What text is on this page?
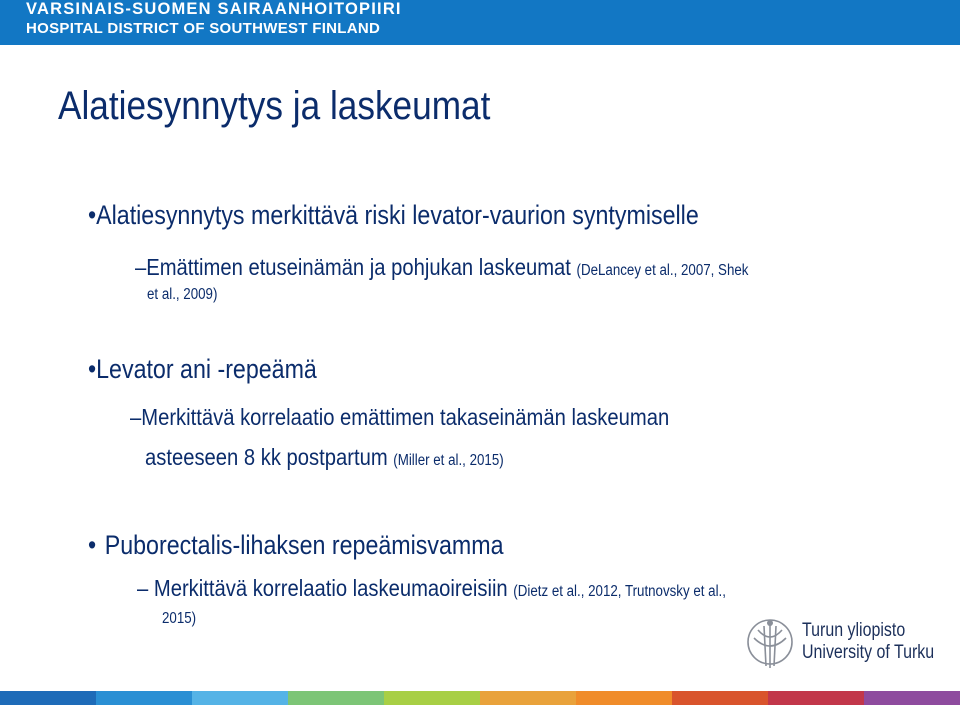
VARSINAIS-SUOMEN SAIRAANHOITOPIIRI
HOSPITAL DISTRICT OF SOUTHWEST FINLAND
Alatiesynnytys ja laskeumat
•Alatiesynnytys merkittävä riski levator-vaurion syntymiselle
–Emättimen etuseinämän ja pohjukan laskeumat (DeLancey et al., 2007, Shek
et al., 2009)
•Levator ani -repeämä
–Merkittävä korrelaatio emättimen takaseinämän laskeuman
asteeseen 8 kk postpartum (Miller et al., 2015)
• Puborectalis-lihaksen repeämisvamma
– Merkittävä korrelaatio laskeumaoireisiin (Dietz et al., 2012, Trutnovsky et al.,
2015)
Turun yliopisto
University of Turku
